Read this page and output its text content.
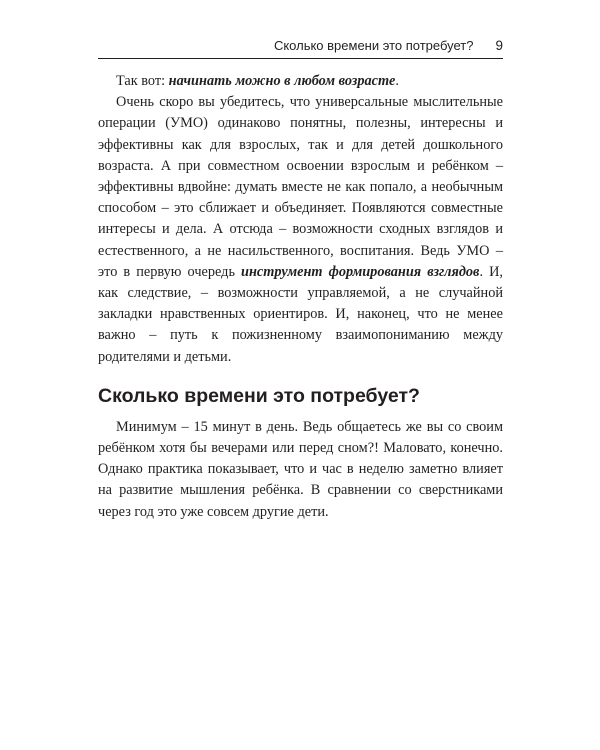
Сколько времени это потребует? 9

Так вот: начинать можно в любом возрасте.

Очень скоро вы убедитесь, что универсальные мыслительные операции (УМО) одинаково понятны, полезны, интересны и эффективны как для взрослых, так и для детей дошкольного возраста. А при совместном освоении взрослым и ребёнком – эффективны вдвойне: думать вместе не как попало, а необычным способом – это сближает и объединяет. Появляются совместные интересы и дела. А отсюда – возможности сходных взглядов и естественного, а не насильственного, воспитания. Ведь УМО – это в первую очередь инструмент формирования взглядов. И, как следствие, – возможности управляемой, а не случайной закладки нравственных ориентиров. И, наконец, что не менее важно – путь к пожизненному взаимопониманию между родителями и детьми.

Сколько времени это потребует?

Минимум – 15 минут в день. Ведь общаетесь же вы со своим ребёнком хотя бы вечерами или перед сном?! Маловато, конечно. Однако практика показывает, что и час в неделю заметно влияет на развитие мышления ребёнка. В сравнении со сверстниками через год это уже совсем другие дети.
